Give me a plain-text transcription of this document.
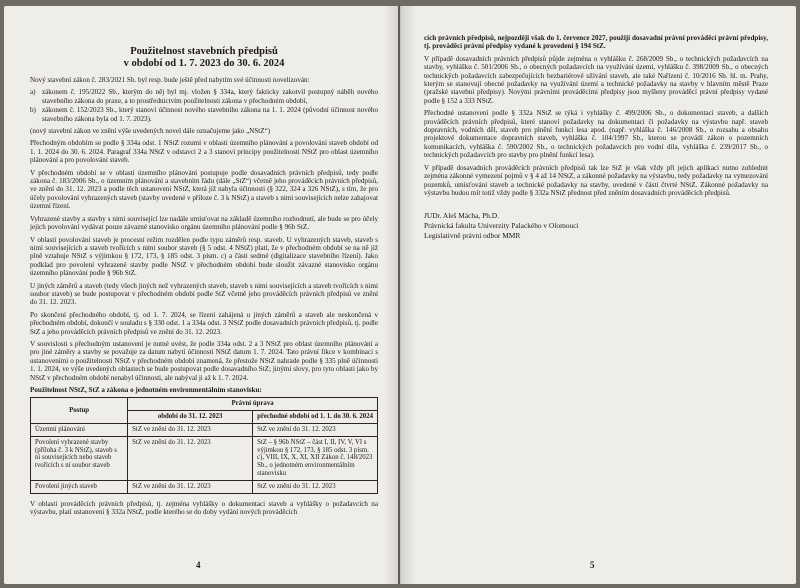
Použitelnost stavebních předpisů
v období od 1. 7. 2023 do 30. 6. 2024

Nový stavební zákon č. 283/2021 Sb. byl resp. bude ještě před nabytím své účinnosti novelizován:

a) zákonem č. 195/2022 Sb., kterým do něj byl mj. vložen § 334a, který fakticky zakotvil postupný náběh nového stavebního zákona do praxe, a to prostřednictvím použitelnosti zákona v přechodném období,
b) zákonem č. 152/2023 Sb., který stanoví účinnost nového stavebního zákona na 1. 1. 2024 (původní účinnost nového stavebního zákona byla od 1. 7. 2023).

(nový stavební zákon ve znění výše uvedených novel dále označujeme jako „NStZ“)

Přechodným obdobím se podle § 334a odst. 1 NStZ rozumí v oblasti územního plánování a povolování staveb období od 1. 1. 2024 do 30. 6. 2024. Paragraf 334a NStZ v odstavci 2 a 3 stanoví principy použitelnosti NStZ pro oblast územního plánování a pro povolování staveb.

V přechodném období se v oblasti územního plánování postupuje podle dosavadních právních předpisů, tedy podle zákona č. 183/2006 Sb., o územním plánování a stavebním řádu (dále „StZ“) včetně jeho prováděcích právních předpisů, ve znění do 31. 12. 2023 a podle těch ustanovení NStZ, která již nabyla účinnosti (§ 322, 324 a 326 NStZ), s tím, že pro účely povolování vyhrazených staveb (stavby uvedené v příloze č. 3 k NStZ) a staveb s nimi souvisejících nelze zahajovat územní řízení.

Vyhrazené stavby a stavby s nimi související lze nadále umísťovat na základě územního rozhodnutí, ale bude se pro účely jejich povolování vydávat pouze závazné stanovisko orgánu územního plánování podle § 96b StZ.

V oblasti povolování staveb je procesní režim rozdělen podle typu záměrů resp. staveb. U vyhrazených staveb, staveb s nimi souvisejících a staveb tvořících s nimi soubor staveb (§ 5 odst. 4 NStZ) platí, že v přechodném období se na ně již plně vztahuje NStZ s výjimkou § 172, 173, § 185 odst. 3 písm. c) a části sedmé (digitalizace stavebního řízení). Jako podklad pro povolení vyhrazené stavby podle NStZ v přechodném období bude sloužit závazné stanovisko orgánu územního plánování podle § 96b StZ.

U jiných záměrů a staveb (tedy všech jiných než vyhrazených staveb, staveb s nimi souvisejících a staveb tvořících s nimi soubor staveb) se bude postupovat v přechodném období podle StZ včetně jeho prováděcích právních předpisů ve znění do 31. 12. 2023.

Po skončení přechodného období, tj. od 1. 7. 2024, se řízení zahájená u jiných záměrů a staveb ale neskončená v přechodném období, dokončí v souladu s § 330 odst. 1 a 334a odst. 3 NStZ podle dosavadních právních předpisů, tj. podle StZ a jeho prováděcích právních předpisů ve znění do 31. 12. 2023.

V souvislosti s přechodným ustanovení je nutné uvést, že podle 334a odst. 2 a 3 NStZ pro oblast územního plánování a pro jiné záměry a stavby se považuje za datum nabytí účinnosti NStZ datum 1. 7. 2024. Tato právní fikce v kombinaci s ustanoveními o použitelnosti NStZ v přechodném období znamená, že přestože NStZ nahrade podle § 335 plně účinnosti 1. 1. 2024, ve výše uvedených oblastech se bude postupovat podle dosavadního StZ; jinými slovy, pro tyto oblasti jako by NStZ v přechodném období nenabyl účinnosti, ale nabýval ji až k 1. 7. 2024.

Použitelnost NStZ, StZ a zákona o jednotném environmentálním stanovisku:
Postup	Právní úprava	
	období do 31. 12. 2023	přechodné období od 1. 1. do 30. 6. 2024
Územní plánování	StZ ve znění do 31. 12. 2023	StZ ve znění do 31. 12. 2023
Povolení vyhrazené stavby (příloha č. 3 k NStZ), staveb s ní souvisejících nebo staveb tvořících s ní soubor staveb	StZ ve znění do 31. 12. 2023	StZ – § 96b NStZ – část I, II, IV, V, VI s výjimkou § 172, 173, § 185 odst. 3 písm. c), VIII, IX, X, XI, XII Zákon č. 148/2023 Sb., o jednotném environmentálním stanovisku
Povolení jiných staveb	StZ ve znění do 31. 12. 2023	StZ ve znění do 31. 12. 2023

V oblasti prováděcích právních předpisů, tj. zejména vyhlášky o dokumentaci staveb a vyhlášky o požadavcích na výstavbu, platí ustanovení § 332a NStZ, podle kterého se do doby vydání nových prováděcích

4

cích právních předpisů, nejpozději však do 1. července 2027, použijí dosavadní právní prováděcí právní předpisy, tj. prováděcí právní předpisy vydané k provedení § 194 StZ.

V případě dosavadních právních předpisů půjde zejména o vyhlášku č. 268/2009 Sb., o technických požadavcích na stavby, vyhlášku č. 501/2006 Sb., o obecných požadavcích na využívání území, vyhlášku č. 398/2009 Sb., o obecných technických požadavcích zabezpečujících bezbariérové užívání staveb, ale také Nařízení č. 10/2016 Sb. hl. m. Prahy, kterým se stanovují obecné požadavky na využívání území a technické požadavky na stavby v hlavním městě Praze (pražské stavební předpisy). Novými právními prováděcími předpisy jsou myšleny prováděcí právní předpisy vydané podle § 152 a 333 NStZ.

Přechodné ustanovení podle § 332a NStZ se týká i vyhlášky č. 499/2006 Sb., o dokumentaci staveb, a dalších prováděcích právních předpisů, které stanoví požadavky na dokumentaci či požadavky na výstavbu např. staveb dopravních, vodních děl, staveb pro plnění funkcí lesa apod. (např. vyhláška č. 146/2008 Sb., o rozsahu a obsahu projektové dokumentace dopravních staveb, vyhláška č. 104/1997 Sb., kterou se provádí zákon o pozemních komunikacích, vyhláška č. 590/2002 Sb., o technických požadavcích pro vodní díla, vyhláška č. 239/2017 Sb., o technických požadavcích pro stavby pro plnění funkcí lesa).

V případě dosavadních prováděcích právních předpisů tak lze StZ je však vždy při jejich aplikaci nutno zohlednit zejména zákonné vymezení pojmů v § 4 až 14 NStZ, a zákonné požadavky na výstavbu, tedy požadavky na vymezování pozemků, umísťování staveb a technické požadavky na stavby, uvedené v části čtvrté NStZ. Zákonné požadavky na výstavbu budou mít totiž vždy podle § 332a NStZ přednost před zněním dosavadních prováděcích předpisů.

JUDr. Aleš Mácha, Ph.D.
Právnická fakulta Univerzity Palackého v Olomouci
Legislativně právní odbor MMR
5
